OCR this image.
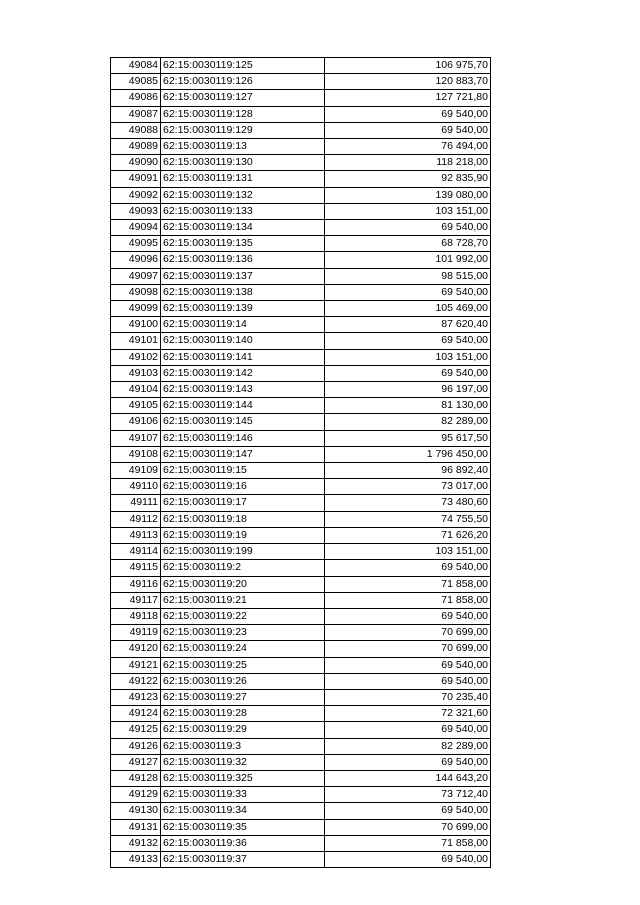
49084	62:15:0030119:125	106 975,70
49085	62:15:0030119:126	120 883,70
49086	62:15:0030119:127	127 721,80
49087	62:15:0030119:128	69 540,00
49088	62:15:0030119:129	69 540,00
49089	62:15:0030119:13	76 494,00
49090	62:15:0030119:130	118 218,00
49091	62:15:0030119:131	92 835,90
49092	62:15:0030119:132	139 080,00
49093	62:15:0030119:133	103 151,00
49094	62:15:0030119:134	69 540,00
49095	62:15:0030119:135	68 728,70
49096	62:15:0030119:136	101 992,00
49097	62:15:0030119:137	98 515,00
49098	62:15:0030119:138	69 540,00
49099	62:15:0030119:139	105 469,00
49100	62:15:0030119:14	87 620,40
49101	62:15:0030119:140	69 540,00
49102	62:15:0030119:141	103 151,00
49103	62:15:0030119:142	69 540,00
49104	62:15:0030119:143	96 197,00
49105	62:15:0030119:144	81 130,00
49106	62:15:0030119:145	82 289,00
49107	62:15:0030119:146	95 617,50
49108	62:15:0030119:147	1 796 450,00
49109	62:15:0030119:15	96 892,40
49110	62:15:0030119:16	73 017,00
49111	62:15:0030119:17	73 480,60
49112	62:15:0030119:18	74 755,50
49113	62:15:0030119:19	71 626,20
49114	62:15:0030119:199	103 151,00
49115	62:15:0030119:2	69 540,00
49116	62:15:0030119:20	71 858,00
49117	62:15:0030119:21	71 858,00
49118	62:15:0030119:22	69 540,00
49119	62:15:0030119:23	70 699,00
49120	62:15:0030119:24	70 699,00
49121	62:15:0030119:25	69 540,00
49122	62:15:0030119:26	69 540,00
49123	62:15:0030119:27	70 235,40
49124	62:15:0030119:28	72 321,60
49125	62:15:0030119:29	69 540,00
49126	62:15:0030119:3	82 289,00
49127	62:15:0030119:32	69 540,00
49128	62:15:0030119:325	144 643,20
49129	62:15:0030119:33	73 712,40
49130	62:15:0030119:34	69 540,00
49131	62:15:0030119:35	70 699,00
49132	62:15:0030119:36	71 858,00
49133	62:15:0030119:37	69 540,00
